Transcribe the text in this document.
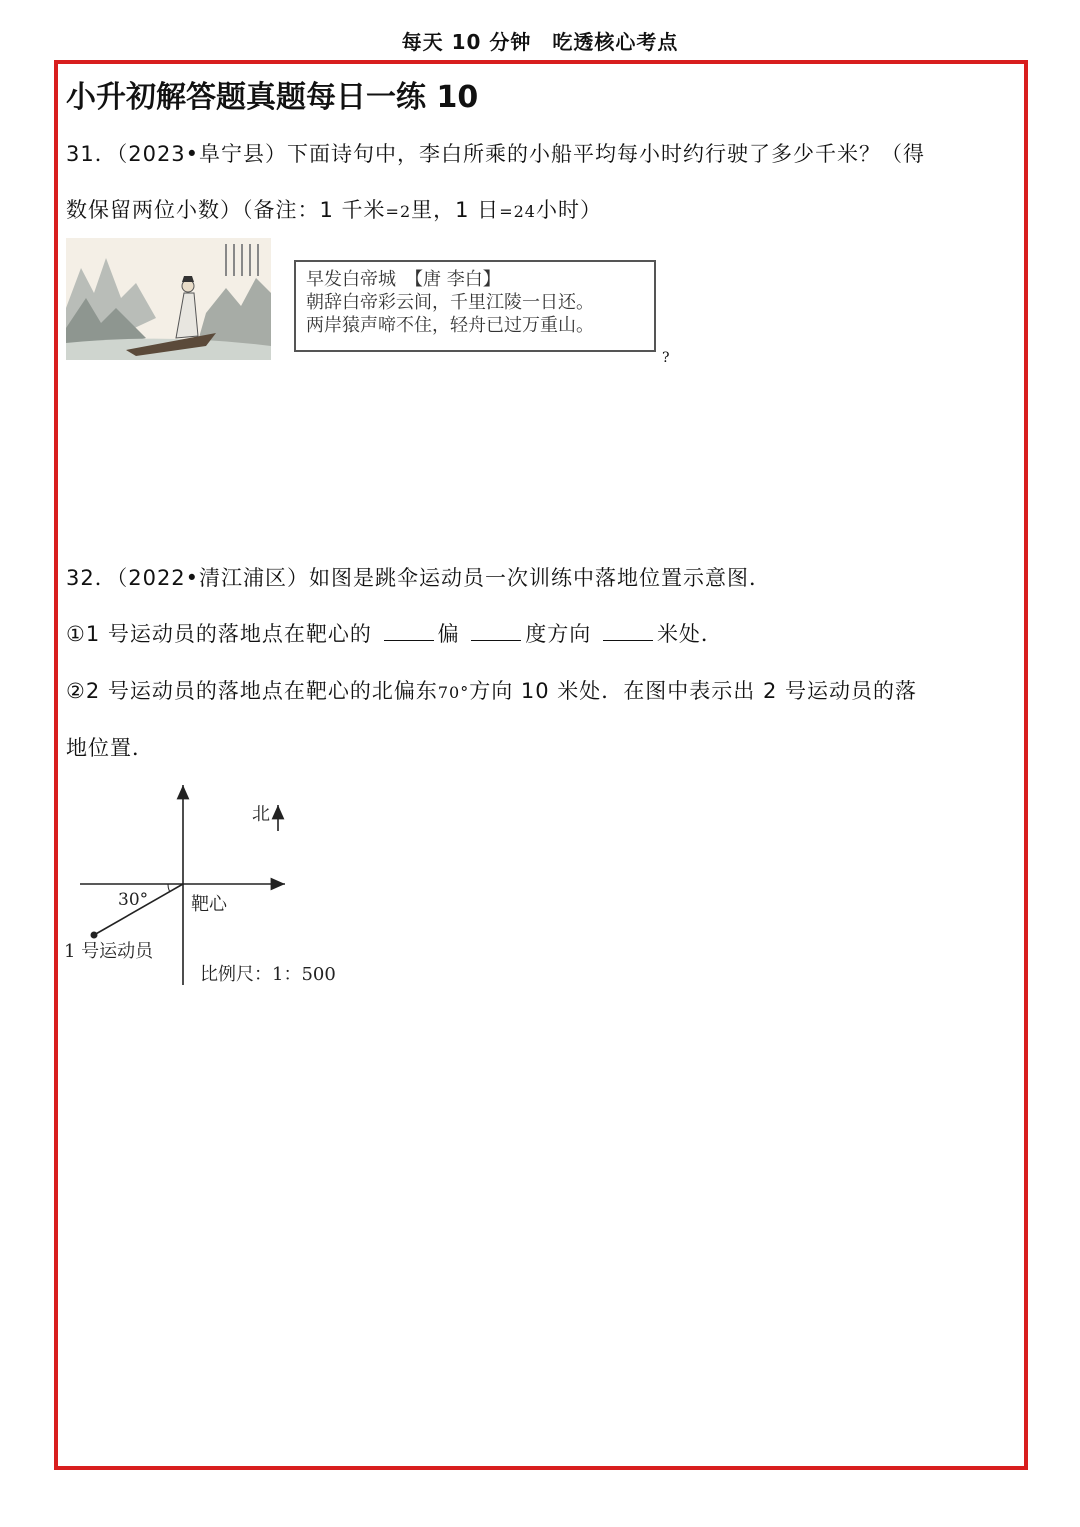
每天 10 分钟　吃透核心考点
小升初解答题真题每日一练 10
31．（2023•阜宁县）下面诗句中，李白所乘的小船平均每小时约行驶了多少千米？（得
数保留两位小数）（备注：1 千米=2里，1 日=24小时）
早发白帝城　【唐 李白】
朝辞白帝彩云间，千里江陵一日还。
两岸猿声啼不住，轻舟已过万重山。
?
32．（2022•清江浦区）如图是跳伞运动员一次训练中落地位置示意图．
①1 号运动员的落地点在靶心的	偏	度方向	米处．
②2 号运动员的落地点在靶心的北偏东70°方向 10 米处．在图中表示出 2 号运动员的落
地位置．
北
30° 靶心
1 号运动员
比例尺：1：500
